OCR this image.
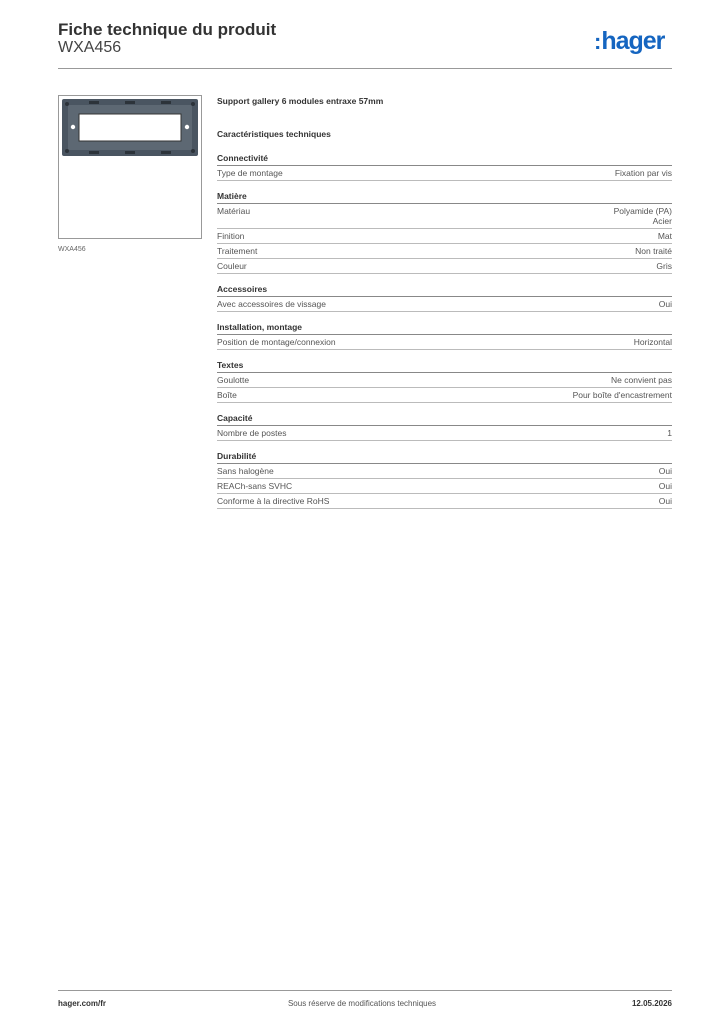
Fiche technique du produit
WXA456	:hager
WXA456
Support gallery 6 modules entraxe 57mm
Caractéristiques techniques
Connectivité
Type de montage	Fixation par vis
Matière
Matériau	Polyamide (PA)
Acier
Finition	Mat
Traitement	Non traité
Couleur	Gris
Accessoires
Avec accessoires de vissage	Oui
Installation, montage
Position de montage/connexion	Horizontal
Textes
Goulotte	Ne convient pas
Boîte	Pour boîte d'encastrement
Capacité
Nombre de postes	1
Durabilité
Sans halogène	Oui
REACh-sans SVHC	Oui
Conforme à la directive RoHS	Oui
hager.com/fr	Sous réserve de modifications techniques	12.05.2026
